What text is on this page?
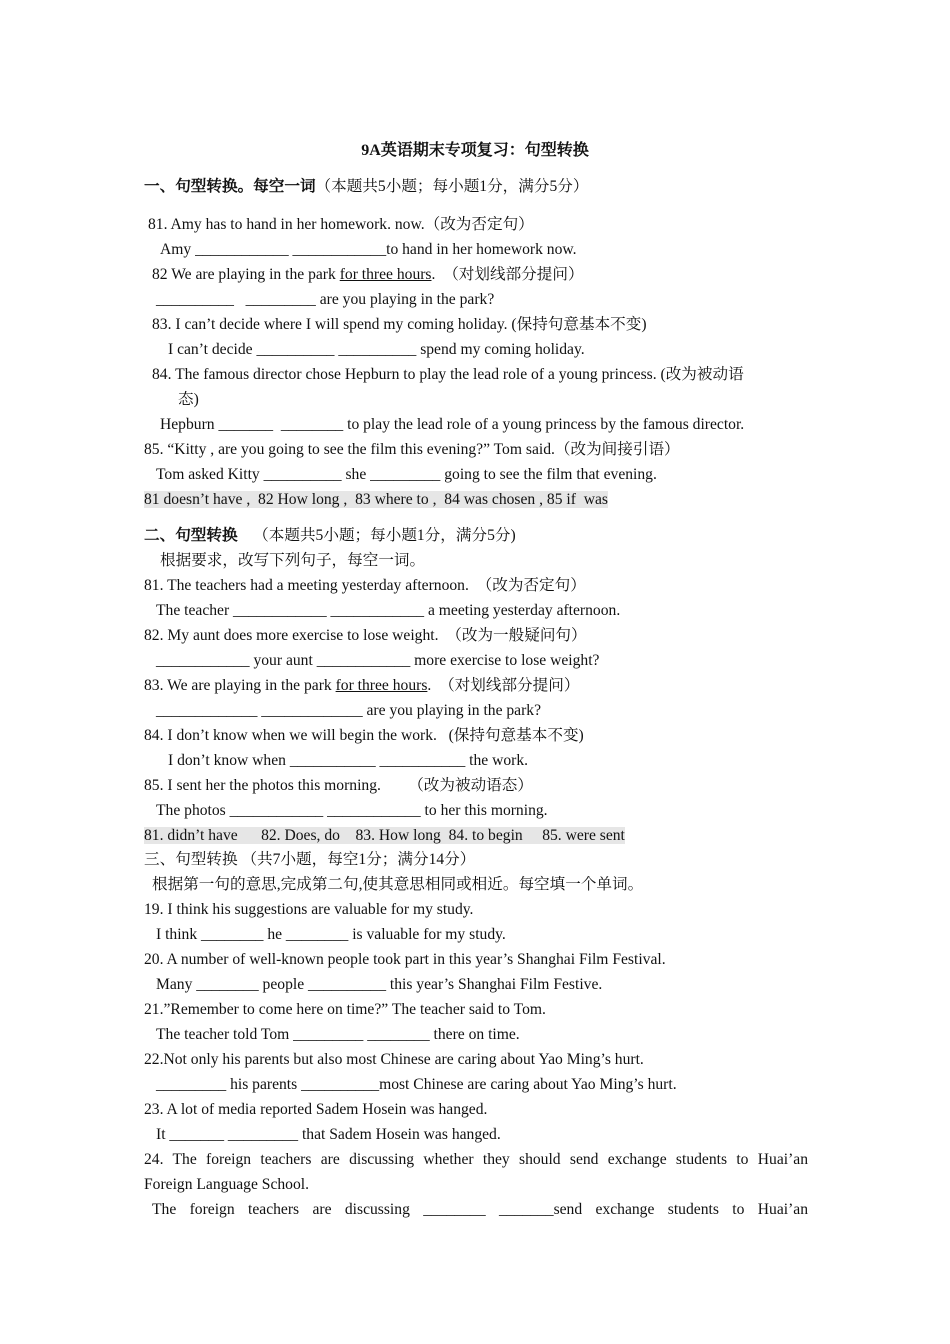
9A英语期末专项复习：句型转换
一、句型转换。每空一词（本题共5小题；每小题1分，满分5分）
81. Amy has to hand in her homework. now.（改为否定句）
Amy ____________ ____________to hand in her homework now.
82 We are playing in the park for three hours.  （对划线部分提问）
__________   _________ are you playing in the park?
83. I can’t decide where I will spend my coming holiday. (保持句意基本不变)
I can’t decide __________ __________ spend my coming holiday.
84. The famous director chose Hepburn to play the lead role of a young princess. (改为被动语
态)
Hepburn _______  ________ to play the lead role of a young princess by the famous director.
85. “Kitty , are you going to see the film this evening?” Tom said.（改为间接引语）
Tom asked Kitty __________ she _________ going to see the film that evening.
81 doesn’t have ,  82 How long ,  83 where to ,  84 was chosen , 85 if  was
二、句型转换    （本题共5小题；每小题1分，满分5分)
根据要求，改写下列句子，每空一词。
81. The teachers had a meeting yesterday afternoon.  （改为否定句）
The teacher ____________ ____________ a meeting yesterday afternoon.
82. My aunt does more exercise to lose weight.  （改为一般疑问句）
____________ your aunt ____________ more exercise to lose weight?
83. We are playing in the park for three hours.  （对划线部分提问）
_____________ _____________ are you playing in the park?
84. I don’t know when we will begin the work.   (保持句意基本不变)
I don’t know when ___________ ___________ the work.
85. I sent her the photos this morning.       （改为被动语态）
The photos ____________ ____________ to her this morning.
81. didn’t have      82. Does, do    83. How long  84. to begin     85. were sent
三、句型转换 （共7小题，每空1分；满分14分）
根据第一句的意思,完成第二句,使其意思相同或相近。每空填一个单词。
19. I think his suggestions are valuable for my study.
I think ________ he ________ is valuable for my study.
20. A number of well-known people took part in this year’s Shanghai Film Festival.
Many ________ people __________ this year’s Shanghai Film Festive.
21.”Remember to come here on time?” The teacher said to Tom.
The teacher told Tom _________ ________ there on time.
22.Not only his parents but also most Chinese are caring about Yao Ming’s hurt.
_________ his parents __________most Chinese are caring about Yao Ming’s hurt.
23. A lot of media reported Sadem Hosein was hanged.
It _______ _________ that Sadem Hosein was hanged.
24. The foreign teachers are discussing whether they should send exchange students to Huai’an
Foreign Language School.
The foreign teachers are discussing ________ _______send exchange students to Huai’an
